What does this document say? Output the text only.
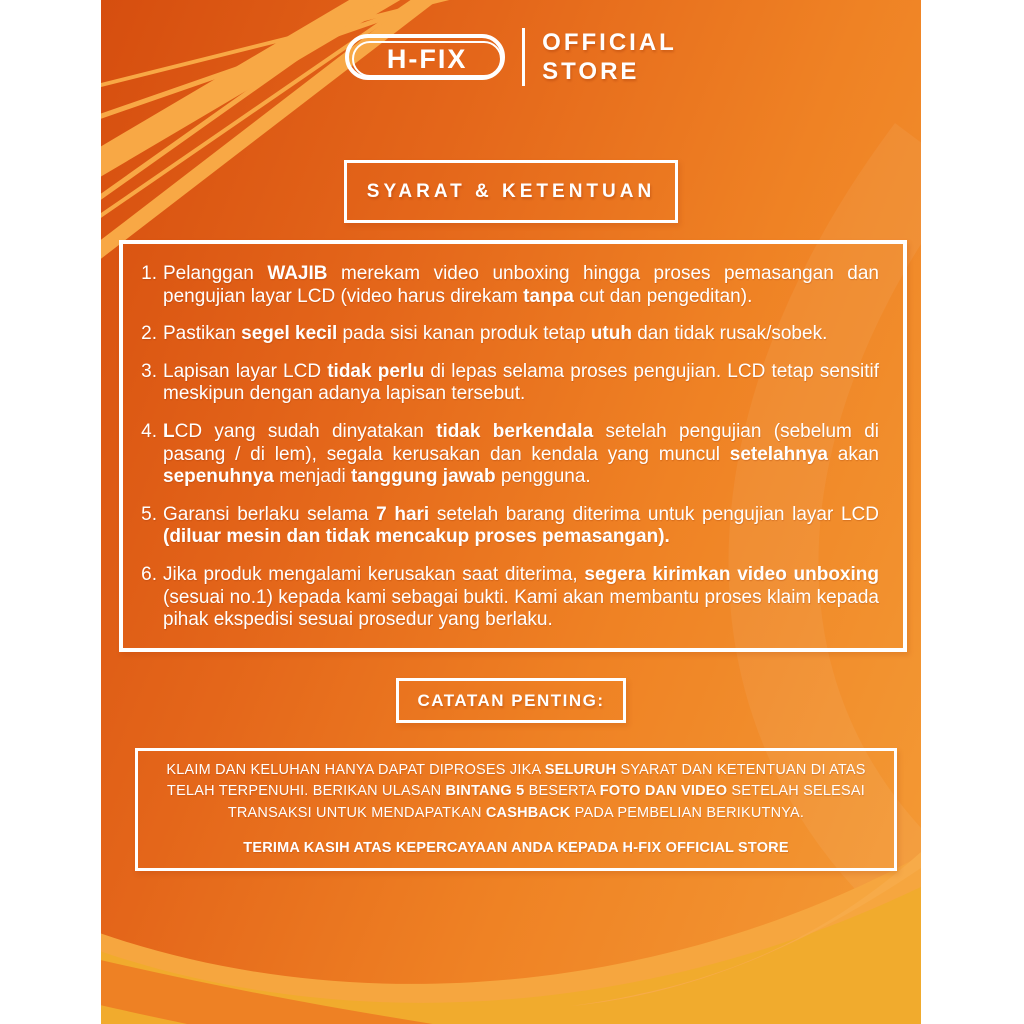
H-FIX
OFFICIAL
STORE
SYARAT & KETENTUAN
1. Pelanggan WAJIB merekam video unboxing hingga proses pemasangan dan pengujian layar LCD (video harus direkam tanpa cut dan pengeditan).
2. Pastikan segel kecil pada sisi kanan produk tetap utuh dan tidak rusak/sobek.
3. Lapisan layar LCD tidak perlu di lepas selama proses pengujian. LCD tetap sensitif meskipun dengan adanya lapisan tersebut.
4. LCD yang sudah dinyatakan tidak berkendala setelah pengujian (sebelum di pasang / di lem), segala kerusakan dan kendala yang muncul setelahnya akan sepenuhnya menjadi tanggung jawab pengguna.
5. Garansi berlaku selama 7 hari setelah barang diterima untuk pengujian layar LCD (diluar mesin dan tidak mencakup proses pemasangan).
6. Jika produk mengalami kerusakan saat diterima, segera kirimkan video unboxing (sesuai no.1) kepada kami sebagai bukti. Kami akan membantu proses klaim kepada pihak ekspedisi sesuai prosedur yang berlaku.
CATATAN PENTING:

KLAIM DAN KELUHAN HANYA DAPAT DIPROSES JIKA SELURUH SYARAT DAN KETENTUAN DI ATAS TELAH TERPENUHI. BERIKAN ULASAN BINTANG 5 BESERTA FOTO DAN VIDEO SETELAH SELESAI TRANSAKSI UNTUK MENDAPATKAN CASHBACK PADA PEMBELIAN BERIKUTNYA.

TERIMA KASIH ATAS KEPERCAYAAN ANDA KEPADA H-FIX OFFICIAL STORE
